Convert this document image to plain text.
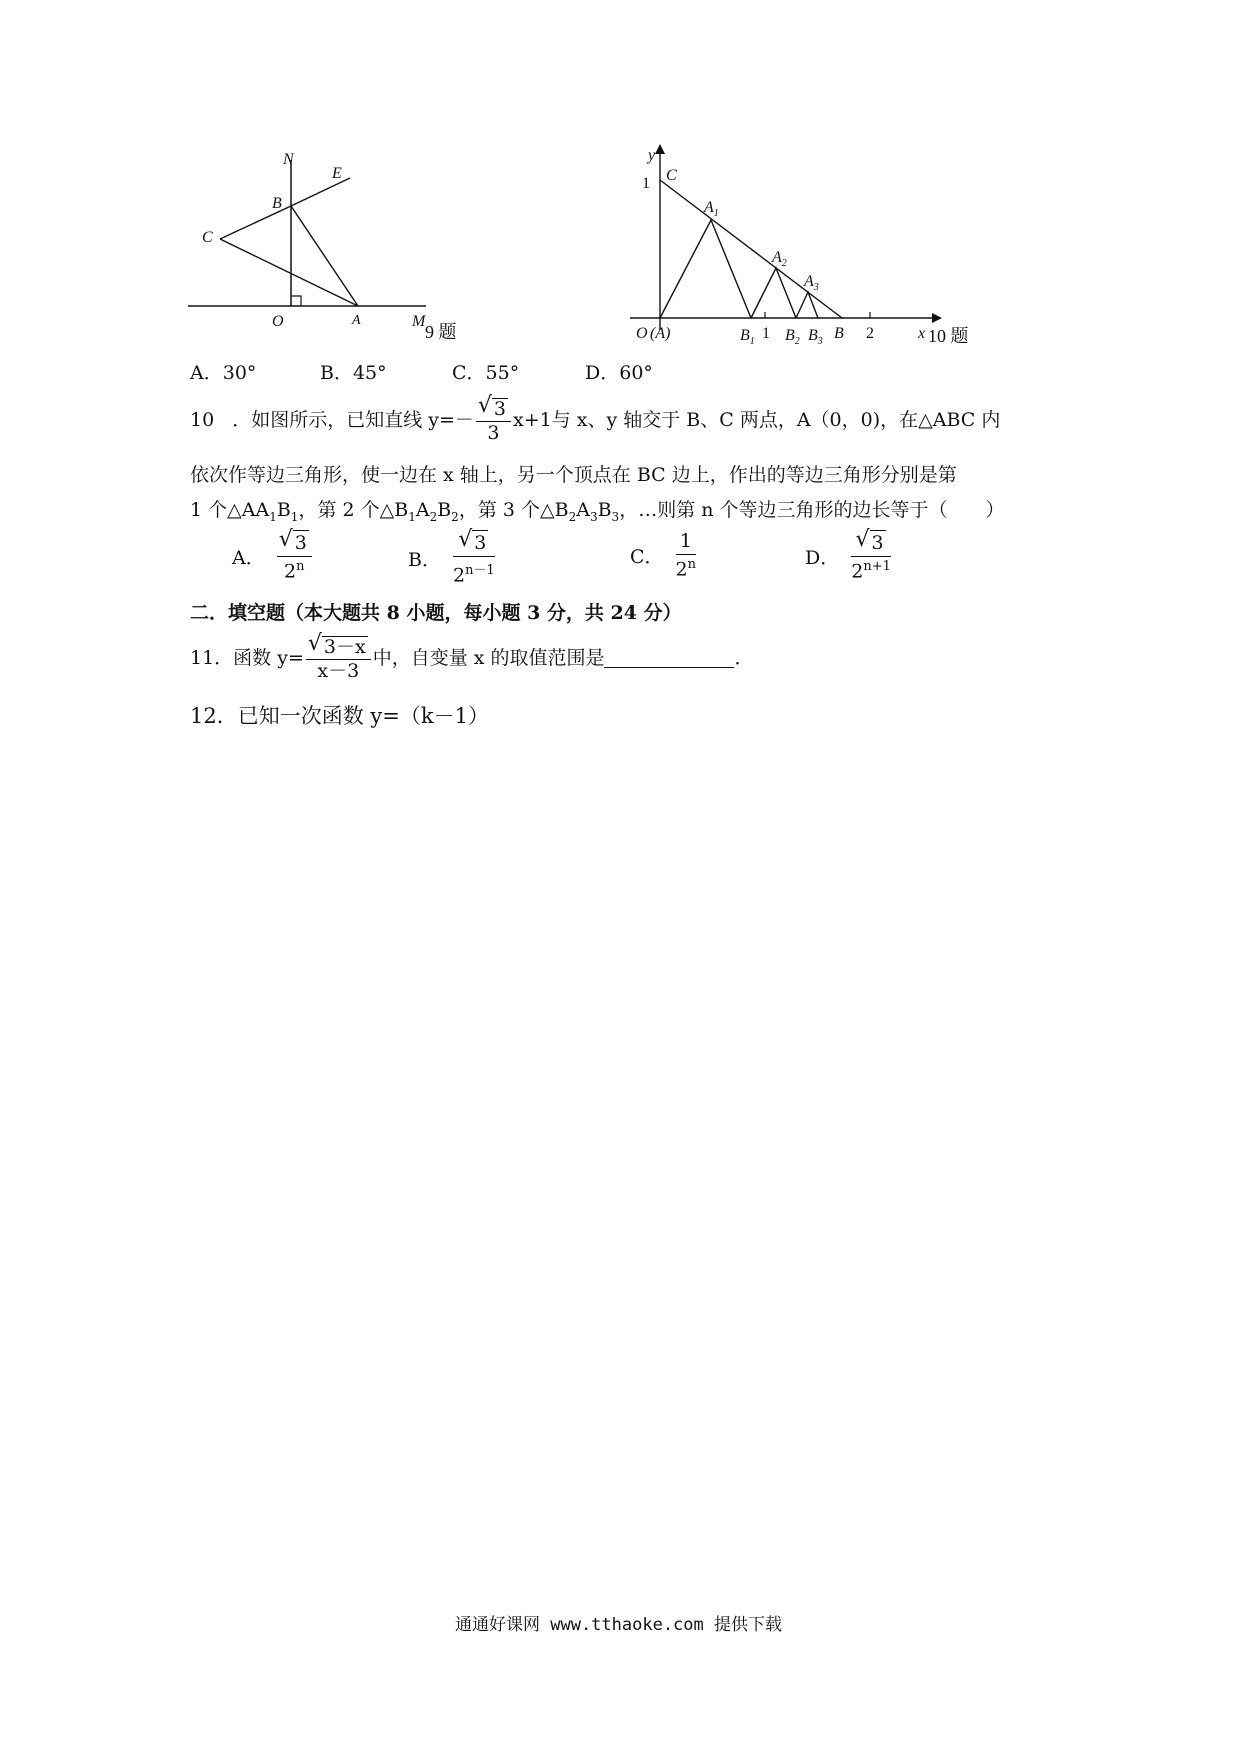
N
E
B
C
O	A	M
9 题
y
1 C
$A_1$
$A_2$
$A_3$
O (A)	$B_1$ 1 $B_2$ $B_3$ B 2	x 10 题
A．30°	B．45°	C．55°	D．60°
10 ．如图所示，已知直线 y=－ √ $\frac{3}{3} x+1$与 x、y 轴交于 B、C 两点，A（0，0)，在△ABC 内
依次作等边三角形，使一边在 x 轴上，另一个顶点在 BC 边上，作出的等边三角形分别是第
1 个$\triangle AA_1B_1$，第 2 个$\triangle B_1A_2B_2$，第 3 个$\triangle B_2A_3B_3$，…则第 n 个等边三角形的边长等于（　　）
A． √ $\frac{3}{2^n}$	B． √ $\frac{3}{2^{n-1}}$	C． $\frac{1}{2^n}$	D． √ $\frac{3}{2^{n+1}}$
二．填空题（本大题共 8 小题，每小题 3 分，共 24 分）
11．函数 y= √ $\frac{3-x}{x-3}$ 中，自变量 x 的取值范围是	．
12．已知一次函数 y=（k－1）
通通好课网 www.tthaoke.com 提供下载
